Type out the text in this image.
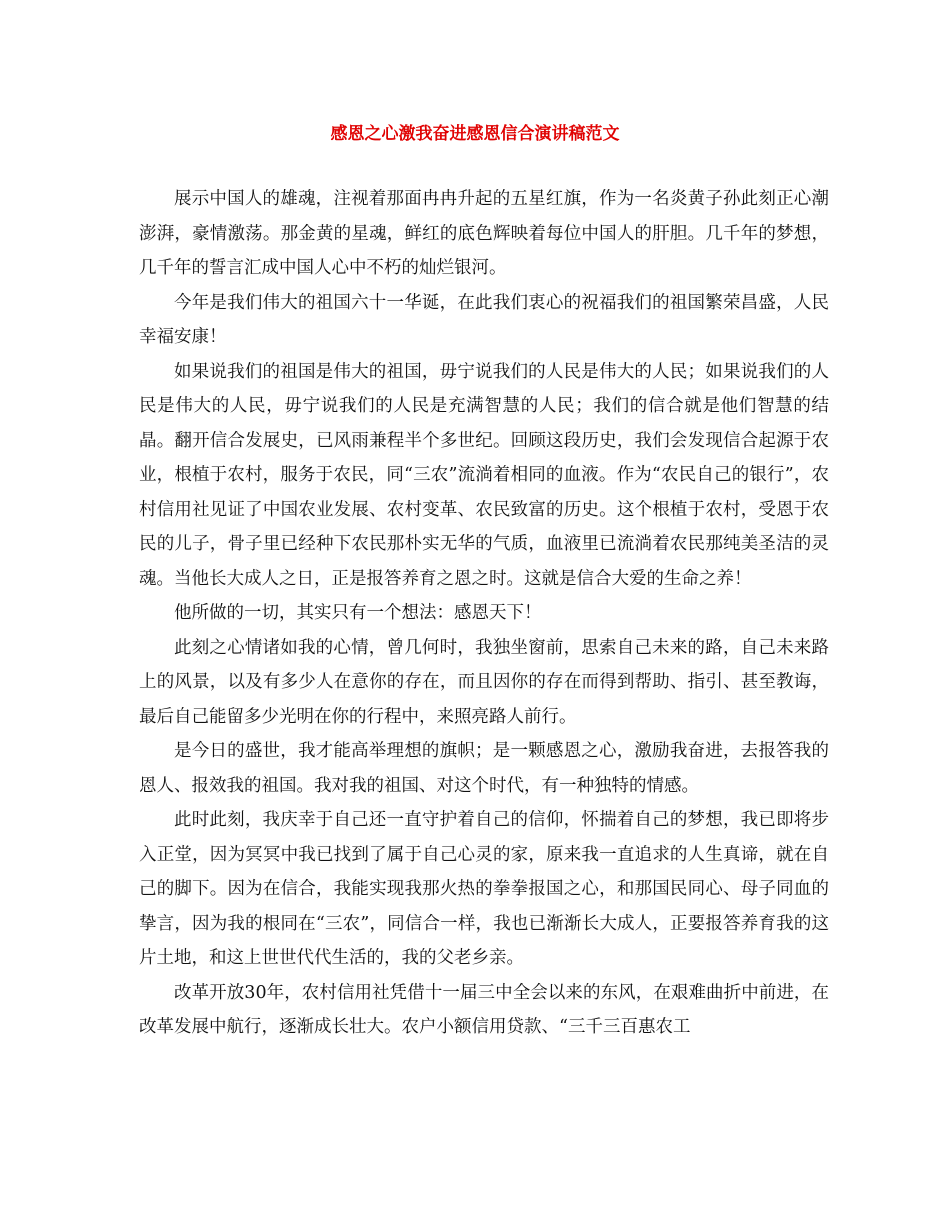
感恩之心激我奋进感恩信合演讲稿范文

展示中国人的雄魂，注视着那面冉冉升起的五星红旗，作为一名炎黄子孙此刻正心潮澎湃，豪情激荡。那金黄的星魂，鲜红的底色辉映着每位中国人的肝胆。几千年的梦想，几千年的誓言汇成中国人心中不朽的灿烂银河。

今年是我们伟大的祖国六十一华诞，在此我们衷心的祝福我们的祖国繁荣昌盛，人民幸福安康！

如果说我们的祖国是伟大的祖国，毋宁说我们的人民是伟大的人民；如果说我们的人民是伟大的人民，毋宁说我们的人民是充满智慧的人民；我们的信合就是他们智慧的结晶。翻开信合发展史，已风雨兼程半个多世纪。回顾这段历史，我们会发现信合起源于农业，根植于农村，服务于农民，同“三农”流淌着相同的血液。作为“农民自己的银行”，农村信用社见证了中国农业发展、农村变革、农民致富的历史。这个根植于农村，受恩于农民的儿子，骨子里已经种下农民那朴实无华的气质，血液里已流淌着农民那纯美圣洁的灵魂。当他长大成人之日，正是报答养育之恩之时。这就是信合大爱的生命之养！

他所做的一切，其实只有一个想法：感恩天下！

此刻之心情诸如我的心情，曾几何时，我独坐窗前，思索自己未来的路，自己未来路上的风景，以及有多少人在意你的存在，而且因你的存在而得到帮助、指引、甚至教诲，最后自己能留多少光明在你的行程中，来照亮路人前行。

是今日的盛世，我才能高举理想的旗帜；是一颗感恩之心，激励我奋进，去报答我的恩人、报效我的祖国。我对我的祖国、对这个时代，有一种独特的情感。

此时此刻，我庆幸于自己还一直守护着自己的信仰，怀揣着自己的梦想，我已即将步入正堂，因为冥冥中我已找到了属于自己心灵的家，原来我一直追求的人生真谛，就在自己的脚下。因为在信合，我能实现我那火热的拳拳报国之心，和那国民同心、母子同血的挚言，因为我的根同在“三农”，同信合一样，我也已渐渐长大成人，正要报答养育我的这片土地，和这上世世代代生活的，我的父老乡亲。

改革开放30年，农村信用社凭借十一届三中全会以来的东风，在艰难曲折中前进，在改革发展中航行，逐渐成长壮大。农户小额信用贷款、“三千三百惠农工
